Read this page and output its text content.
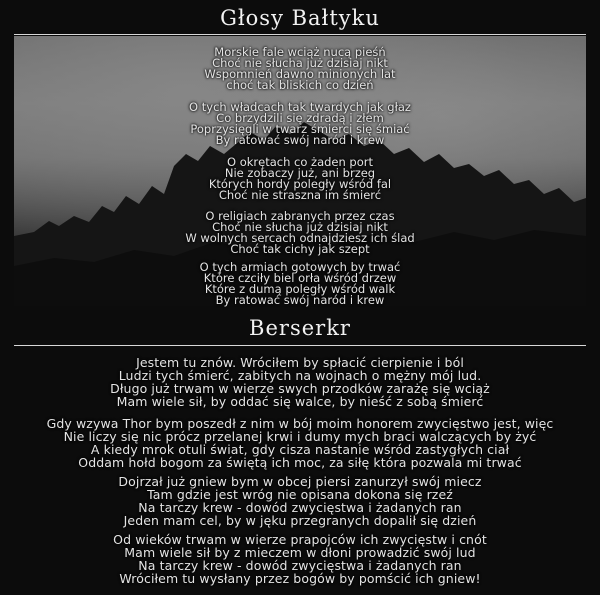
Głosy Bałtyku
Morskie fale wciąż nucą pieśń
Choć nie słucha już dzisiaj nikt
Wspomnień dawno minionych lat
choć tak bliskich co dzień
O tych władcach tak twardych jak głaz
Co brzydzili się zdradą i złem
Poprzysięgli w twarz śmierci się śmiać
By ratować swój naród i krew
O okrętach co żaden port
Nie zobaczy już, ani brzeg
Których hordy poległy wśród fal
Choć nie straszna im śmierć
O religiach zabranych przez czas
Choć nie słucha już dzisiaj nikt
W wolnych sercach odnajdziesz ich ślad
Choć tak cichy jak szept
O tych armiach gotowych by trwać
Które czciły biel orła wśród drzew
Które z dumą poległy wśród walk
By ratować swój naród i krew
Berserkr
Jestem tu znów. Wróciłem by spłacić cierpienie i ból
Ludzi tych śmierć, zabitych na wojnach o mężny mój lud.
Długo już trwam w wierze swych przodków zarażę się wciąż
Mam wiele sił, by oddać się walce, by nieść z sobą śmierć
Gdy wzywa Thor bym poszedł z nim w bój moim honorem zwycięstwo jest, więc
Nie liczy się nic prócz przelanej krwi i dumy mych braci walczących by żyć
A kiedy mrok otuli świat, gdy cisza nastanie wśród zastygłych ciał
Oddam hołd bogom za świętą ich moc, za siłę która pozwala mi trwać
Dojrzał już gniew bym w obcej piersi zanurzył swój miecz
Tam gdzie jest wróg nie opisana dokona się rzeź
Na tarczy krew - dowód zwycięstwa i żadanych ran
Jeden mam cel, by w jęku przegranych dopalił się dzień
Od wieków trwam w wierze prapojców ich zwycięstw i cnót
Mam wiele sił by z mieczem w dłoni prowadzić swój lud
Na tarczy krew - dowód zwycięstwa i żadanych ran
Wróciłem tu wysłany przez bogów by pomścić ich gniew!
